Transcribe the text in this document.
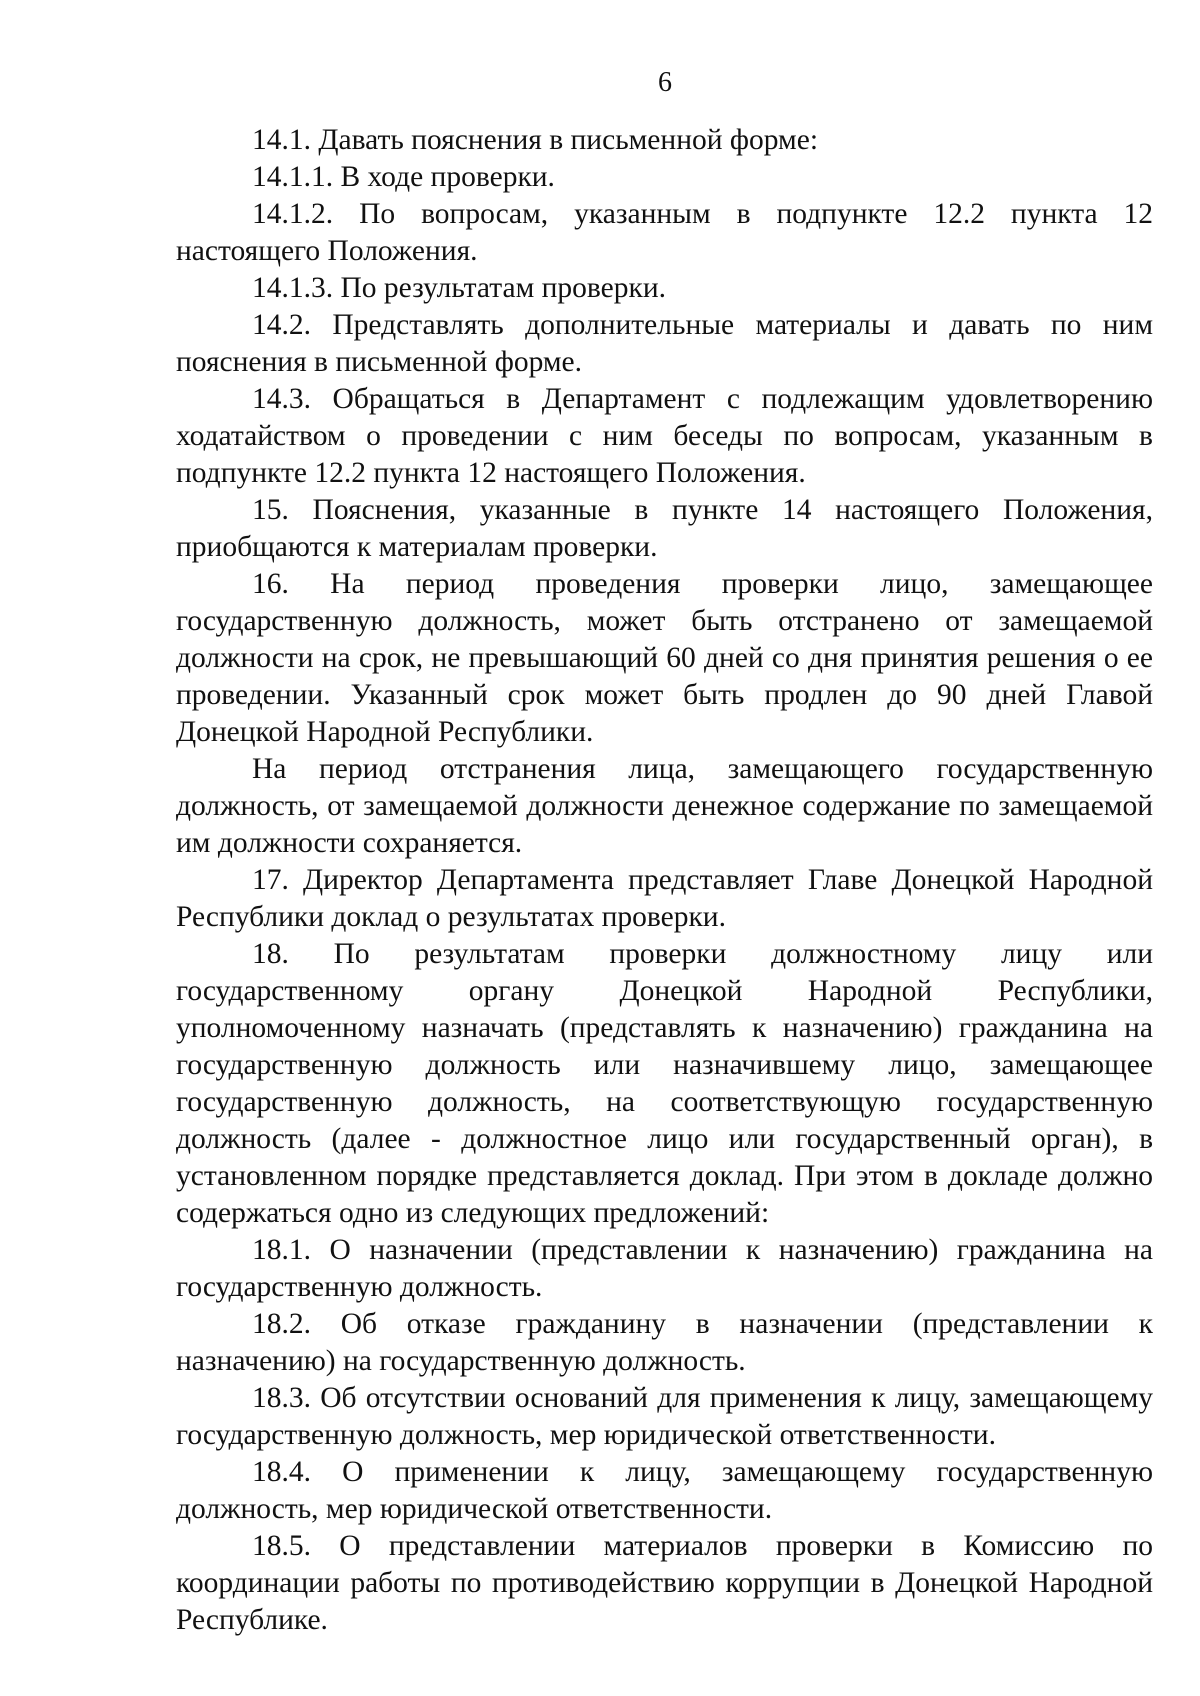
6

14.1. Давать пояснения в письменной форме:

14.1.1. В ходе проверки.

14.1.2. По вопросам, указанным в подпункте 12.2 пункта 12 настоящего Положения.

14.1.3. По результатам проверки.

14.2. Представлять дополнительные материалы и давать по ним пояснения в письменной форме.

14.3. Обращаться в Департамент с подлежащим удовлетворению ходатайством о проведении с ним беседы по вопросам, указанным в подпункте 12.2 пункта 12 настоящего Положения.

15. Пояснения, указанные в пункте 14 настоящего Положения, приобщаются к материалам проверки.

16. На период проведения проверки лицо, замещающее государственную должность, может быть отстранено от замещаемой должности на срок, не превышающий 60 дней со дня принятия решения о ее проведении. Указанный срок может быть продлен до 90 дней Главой Донецкой Народной Республики.

На период отстранения лица, замещающего государственную должность, от замещаемой должности денежное содержание по замещаемой им должности сохраняется.

17. Директор Департамента представляет Главе Донецкой Народной Республики доклад о результатах проверки.

18. По результатам проверки должностному лицу или государственному органу Донецкой Народной Республики, уполномоченному назначать (представлять к назначению) гражданина на государственную должность или назначившему лицо, замещающее государственную должность, на соответствующую государственную должность (далее - должностное лицо или государственный орган), в установленном порядке представляется доклад. При этом в докладе должно содержаться одно из следующих предложений:

18.1. О назначении (представлении к назначению) гражданина на государственную должность.

18.2. Об отказе гражданину в назначении (представлении к назначению) на государственную должность.

18.3. Об отсутствии оснований для применения к лицу, замещающему государственную должность, мер юридической ответственности.

18.4. О применении к лицу, замещающему государственную должность, мер юридической ответственности.

18.5. О представлении материалов проверки в Комиссию по координации работы по противодействию коррупции в Донецкой Народной Республике.
